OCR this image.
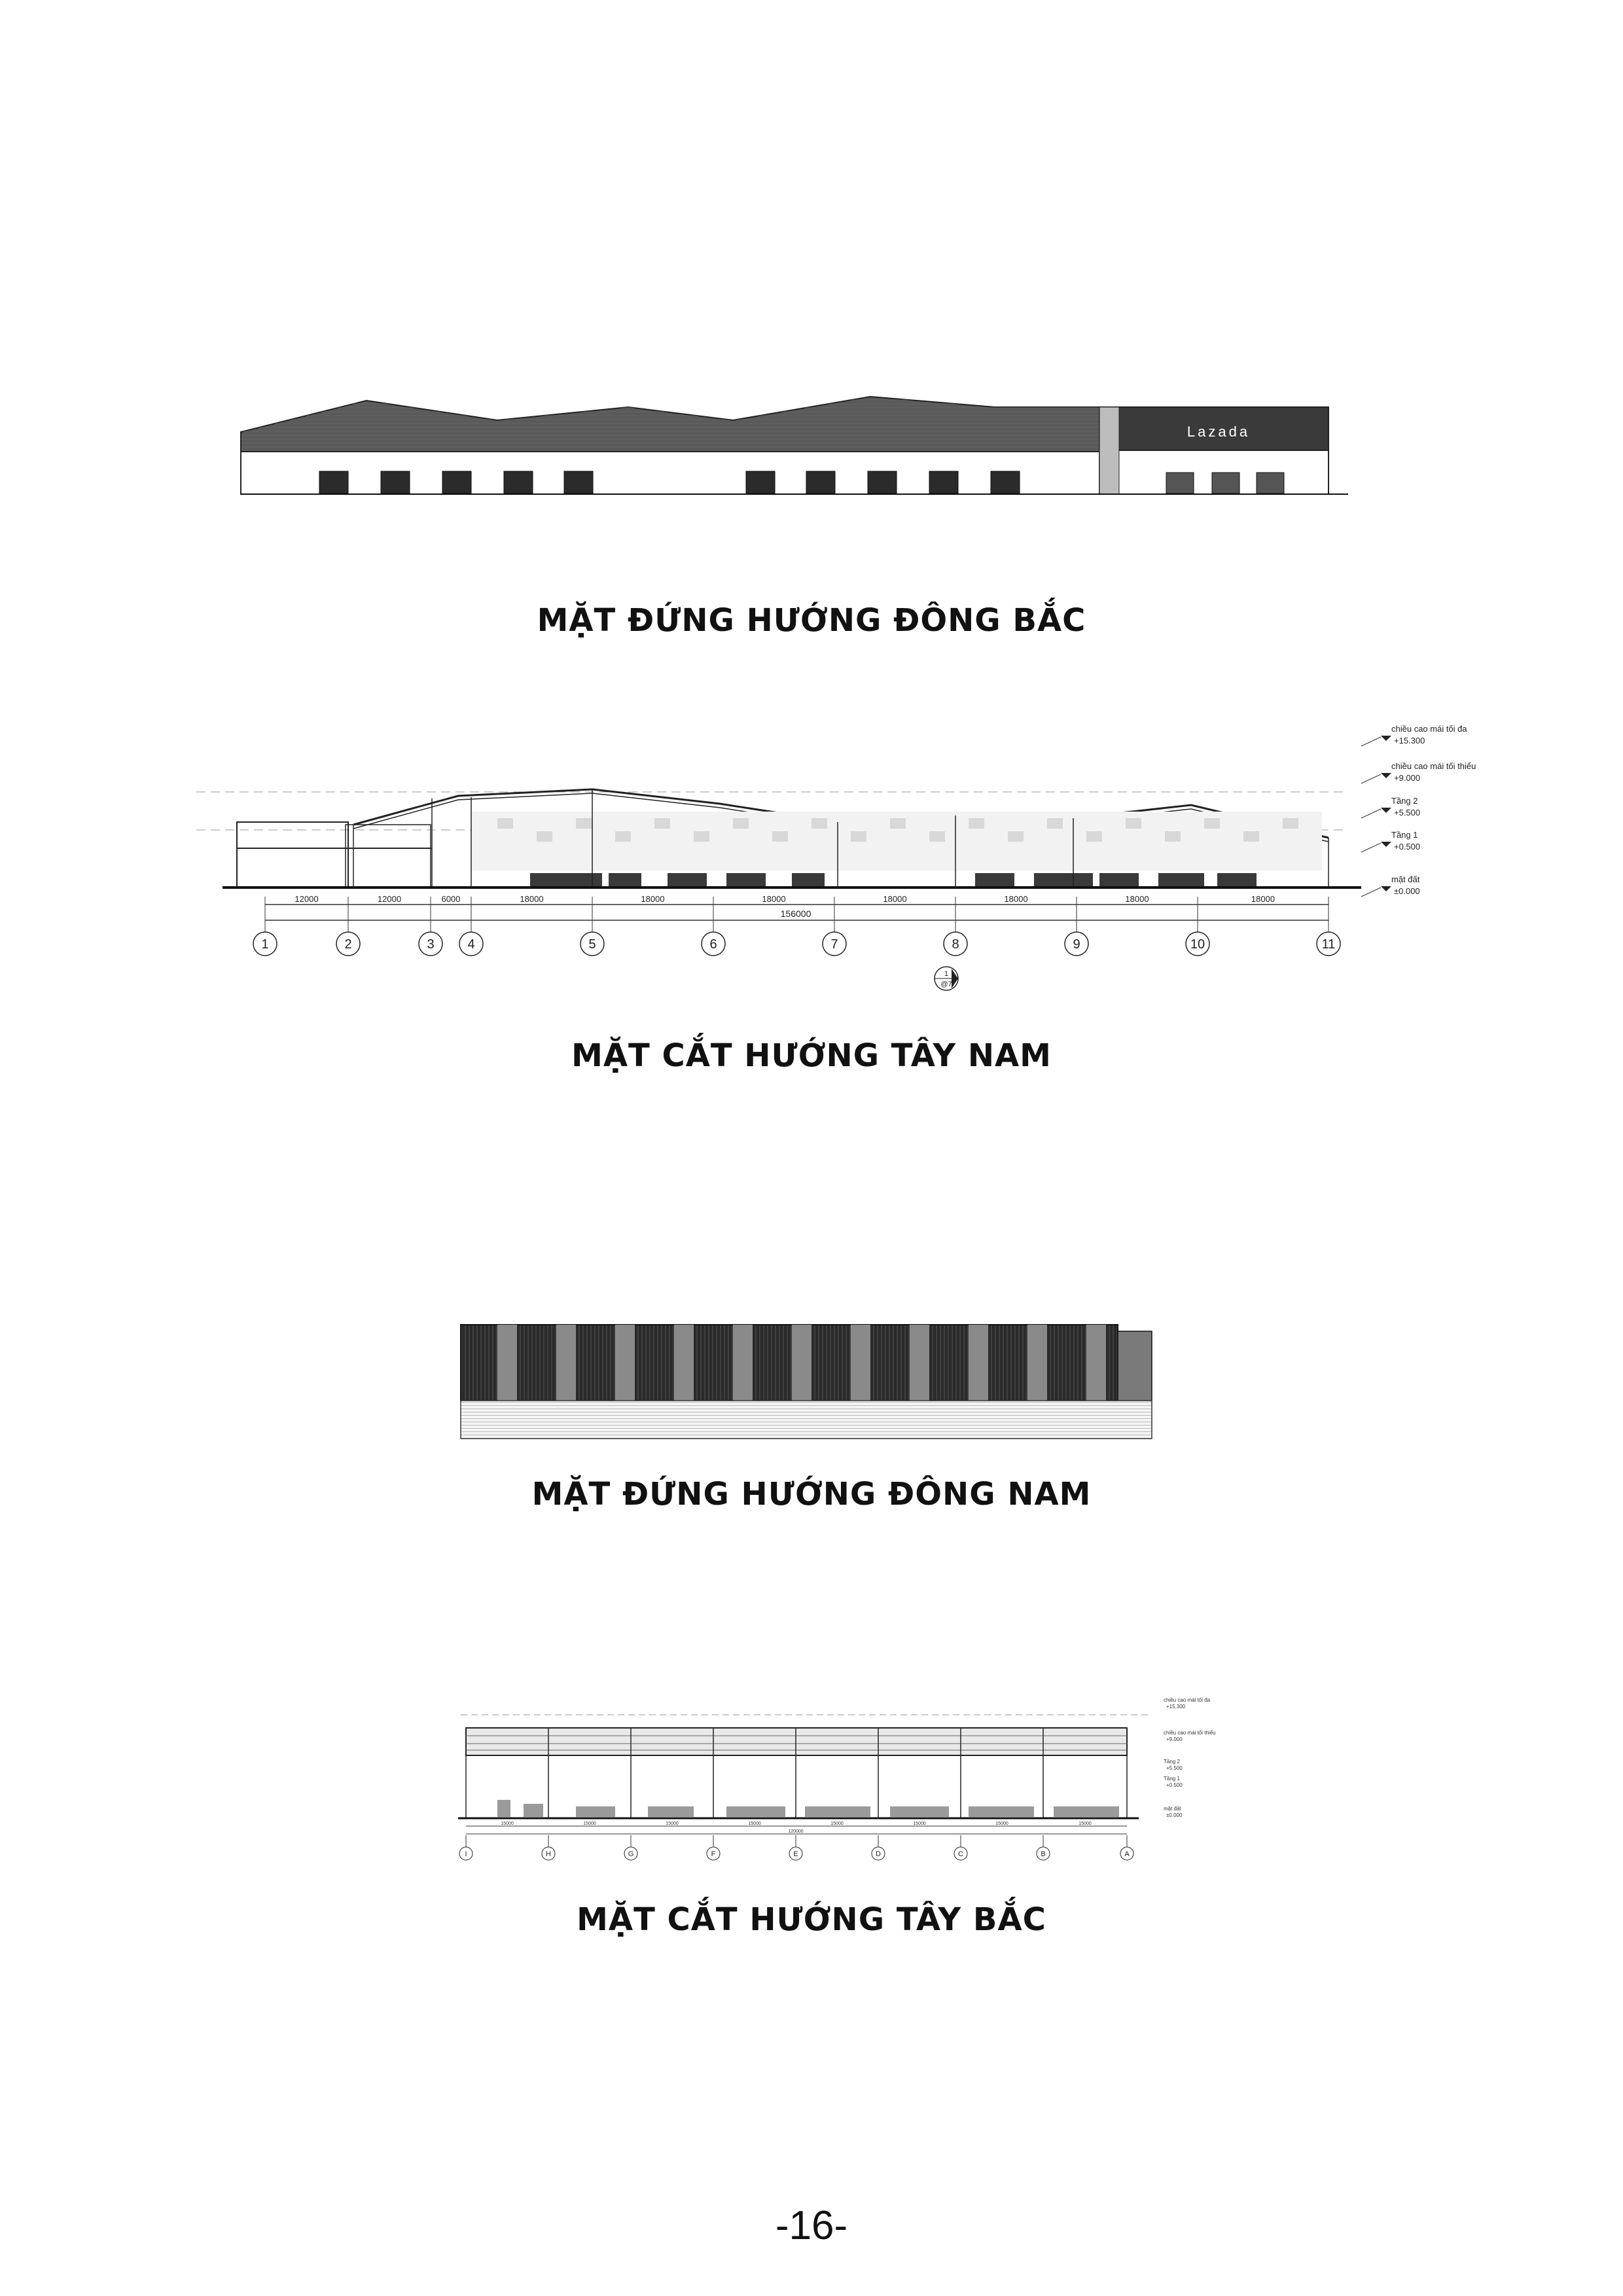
Lazada
MẶT ĐỨNG HƯỚNG ĐÔNG BẮC
12000	12000	6000	18000	18000	18000	18000	18000	18000	18000
156000
1	2	3	4	5	6	7	8	9	10	11
1
@7
chiều cao mái tối đa
+15.300
chiều cao mái tối thiểu
+9.000
Tầng 2
+5.500
Tầng 1
+0.500
mặt đất
±0.000
MẶT CẮT HƯỚNG TÂY NAM
MẶT ĐỨNG HƯỚNG ĐÔNG NAM
15000	15000	15000	15000	15000	15000	15000	15000
120000
I	H	G	F	E	D	C	B	A
chiều cao mái tối đa
+15.300
chiều cao mái tối thiểu
+9.000
Tầng 2
+5.500
Tầng 1
+0.500
mặt đất
±0.000
MẶT CẮT HƯỚNG TÂY BẮC
-16-
